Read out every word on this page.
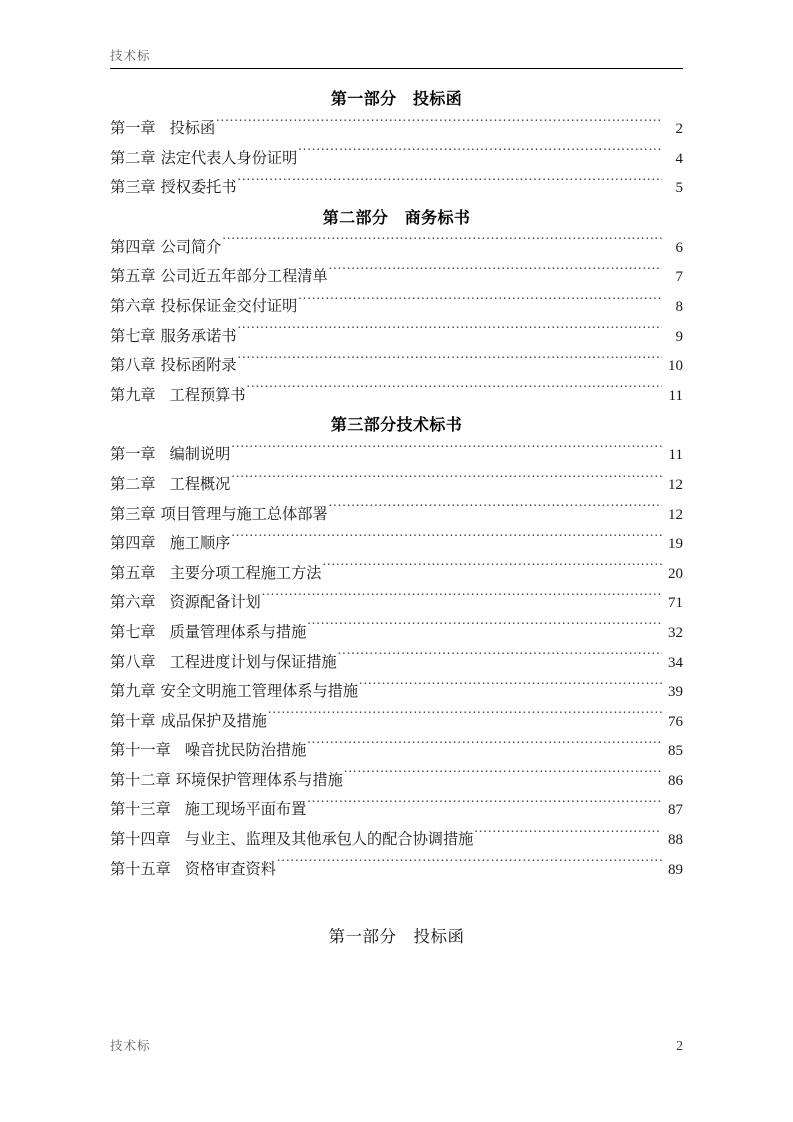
技术标
第一部分　投标函
第一章 投标函 .....	2
第二章 法定代表人身份证明 .....	4
第三章 授权委托书 .....	5
第二部分　商务标书
第四章 公司简介 .....	6
第五章 公司近五年部分工程清单 .....	7
第六章 投标保证金交付证明 .....	8
第七章 服务承诺书 .....	9
第八章 投标函附录 .....	10
第九章 工程预算书 .....	11
第三部分技术标书
第一章 编制说明 .....	11
第二章 工程概况 .....	12
第三章 项目管理与施工总体部署 .....	12
第四章 施工顺序 .....	19
第五章 主要分项工程施工方法 .....	20
第六章 资源配备计划 .....	71
第七章 质量管理体系与措施 .....	32
第八章 工程进度计划与保证措施 .....	34
第九章 安全文明施工管理体系与措施 .....	39
第十章 成品保护及措施 .....	76
第十一章 噪音扰民防治措施 .....	85
第十二章 环境保护管理体系与措施 .....	86
第十三章 施工现场平面布置 .....	87
第十四章 与业主、监理及其他承包人的配合协调措施 .....	88
第十五章 资格审查资料 .....	89
第一部分　投标函
技术标	2
